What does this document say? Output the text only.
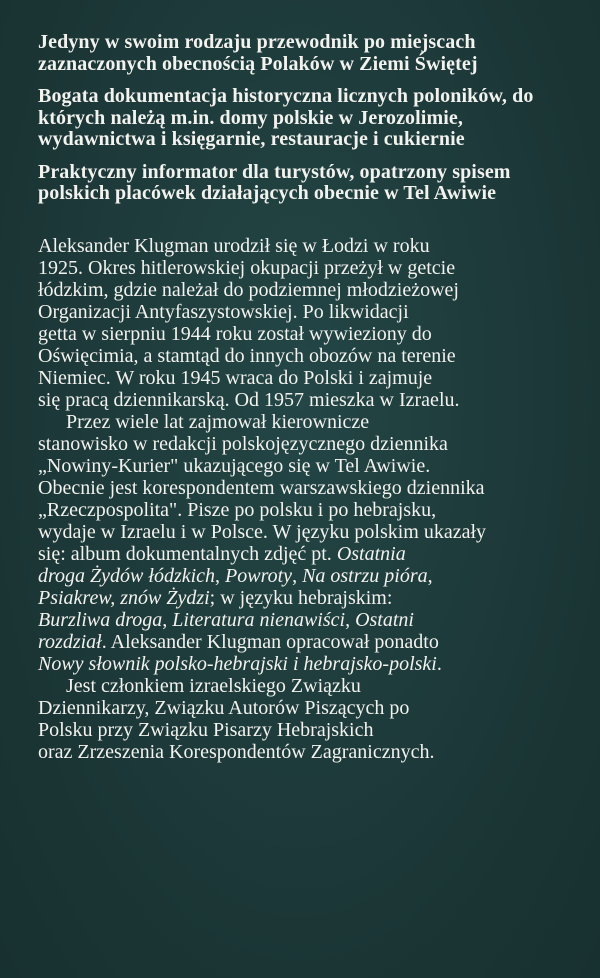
Jedyny w swoim rodzaju przewodnik po miejscach zaznaczonych obecnością Polaków w Ziemi Świętej

Bogata dokumentacja historyczna licznych poloników, do których należą m.in. domy polskie w Jerozolimie, wydawnictwa i księgarnie, restauracje i cukiernie

Praktyczny informator dla turystów, opatrzony spisem polskich placówek działających obecnie w Tel Awiwie

Aleksander Klugman urodził się w Łodzi w roku
1925. Okres hitlerowskiej okupacji przeżył w getcie
łódzkim, gdzie należał do podziemnej młodzieżowej
Organizacji Antyfaszystowskiej. Po likwidacji
getta w sierpniu 1944 roku został wywieziony do
Oświęcimia, a stamtąd do innych obozów na terenie
Niemiec. W roku 1945 wraca do Polski i zajmuje
się pracą dziennikarską. Od 1957 mieszka w Izraelu.

Przez wiele lat zajmował kierownicze
stanowisko w redakcji polskojęzycznego dziennika
„Nowiny-Kurier" ukazującego się w Tel Awiwie.
Obecnie jest korespondentem warszawskiego dziennika
„Rzeczpospolita". Pisze po polsku i po hebrajsku,
wydaje w Izraelu i w Polsce. W języku polskim ukazały
się: album dokumentalnych zdjęć pt. Ostatnia
droga Żydów łódzkich, Powroty, Na ostrzu pióra,
Psiakrew, znów Żydzi; w języku hebrajskim:
Burzliwa droga, Literatura nienawiści, Ostatni
rozdział. Aleksander Klugman opracował ponadto
Nowy słownik polsko-hebrajski i hebrajsko-polski.

Jest członkiem izraelskiego Związku
Dziennikarzy, Związku Autorów Piszących po
Polsku przy Związku Pisarzy Hebrajskich
oraz Zrzeszenia Korespondentów Zagranicznych.
